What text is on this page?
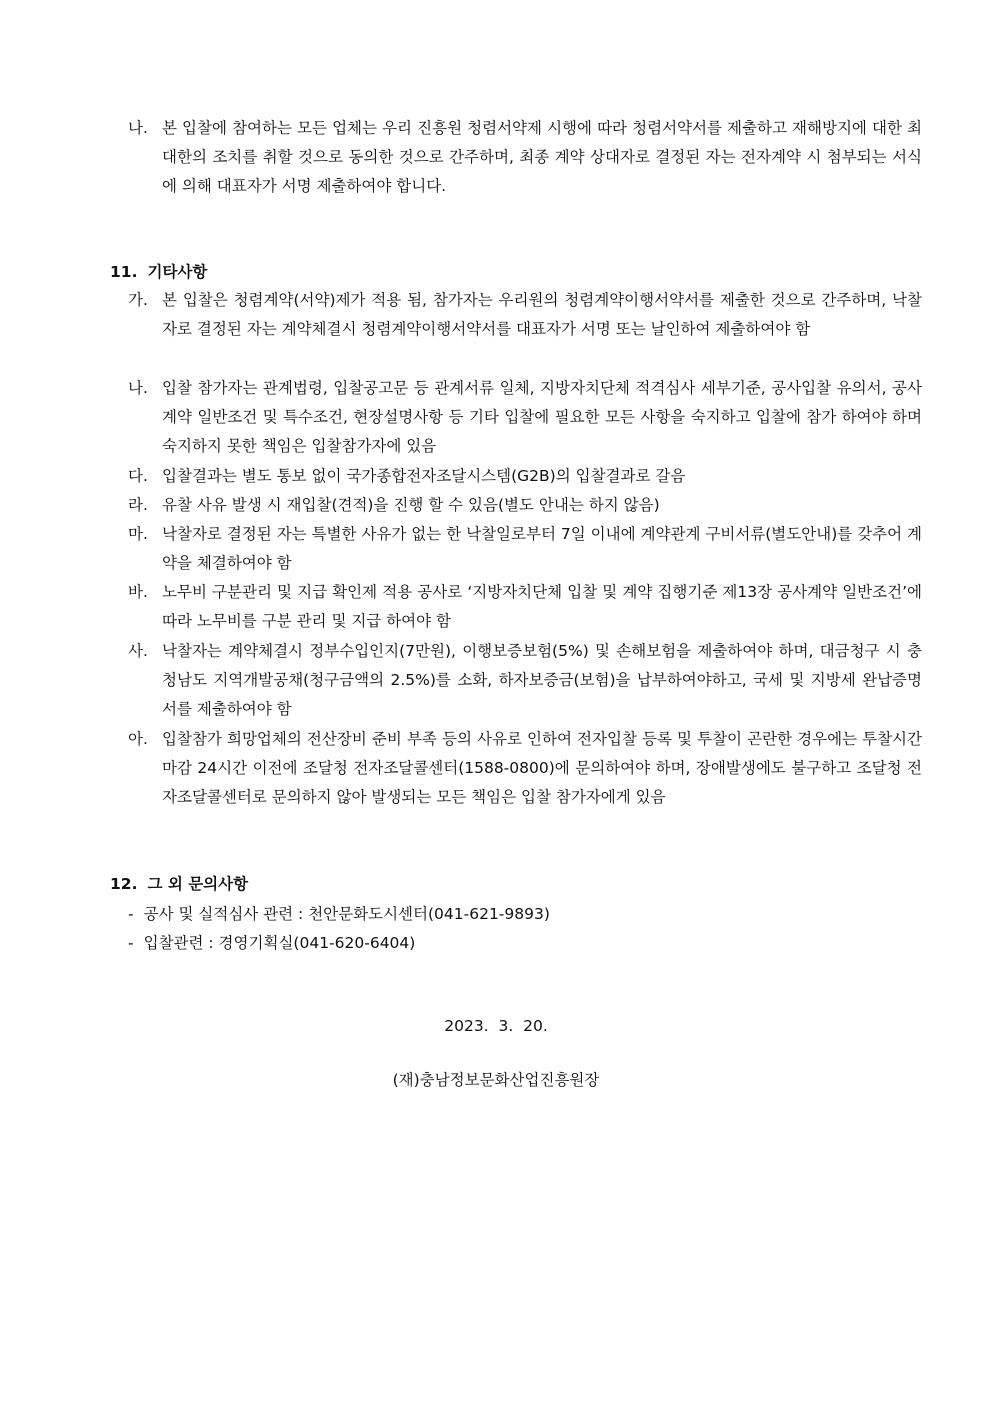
나. 본 입찰에 참여하는 모든 업체는 우리 진흥원 청렴서약제 시행에 따라 청렴서약서를 제출하고 재해방지에 대한 최대한의 조치를 취할 것으로 동의한 것으로 간주하며, 최종 계약 상대자로 결정된 자는 전자계약 시 첨부되는 서식에 의해 대표자가 서명 제출하여야 합니다.
11. 기타사항
가. 본 입찰은 청렴계약(서약)제가 적용 됨, 참가자는 우리원의 청렴계약이행서약서를 제출한 것으로 간주하며, 낙찰자로 결정된 자는 계약체결시 청렴계약이행서약서를 대표자가 서명 또는 날인하여 제출하여야 함
나. 입찰 참가자는 관계법령, 입찰공고문 등 관계서류 일체, 지방자치단체 적격심사 세부기준, 공사입찰 유의서, 공사계약 일반조건 및 특수조건, 현장설명사항 등 기타 입찰에 필요한 모든 사항을 숙지하고 입찰에 참가 하여야 하며 숙지하지 못한 책임은 입찰참가자에 있음
다. 입찰결과는 별도 통보 없이 국가종합전자조달시스템(G2B)의 입찰결과로 갈음
라. 유찰 사유 발생 시 재입찰(견적)을 진행 할 수 있음(별도 안내는 하지 않음)
마. 낙찰자로 결정된 자는 특별한 사유가 없는 한 낙찰일로부터 7일 이내에 계약관계 구비서류(별도안내)를 갖추어 계약을 체결하여야 함
바. 노무비 구분관리 및 지급 확인제 적용 공사로 ‘지방자치단체 입찰 및 계약 집행기준 제13장 공사계약 일반조건’에 따라 노무비를 구분 관리 및 지급 하여야 함
사. 낙찰자는 계약체결시 정부수입인지(7만원), 이행보증보험(5%) 및 손해보험을 제출하여야 하며, 대금청구 시 충청남도 지역개발공채(청구금액의 2.5%)를 소화, 하자보증금(보험)을 납부하여야하고, 국세 및 지방세 완납증명서를 제출하여야 함
아. 입찰참가 희망업체의 전산장비 준비 부족 등의 사유로 인하여 전자입찰 등록 및 투찰이 곤란한 경우에는 투찰시간 마감 24시간 이전에 조달청 전자조달콜센터(1588-0800)에 문의하여야 하며, 장애발생에도 불구하고 조달청 전자조달콜센터로 문의하지 않아 발생되는 모든 책임은 입찰 참가자에게 있음
12. 그 외 문의사항
- 공사 및 실적심사 관련 : 천안문화도시센터(041-621-9893)
- 입찰관련 : 경영기획실(041-620-6404)
2023.  3.  20.
(재)충남정보문화산업진흥원장
